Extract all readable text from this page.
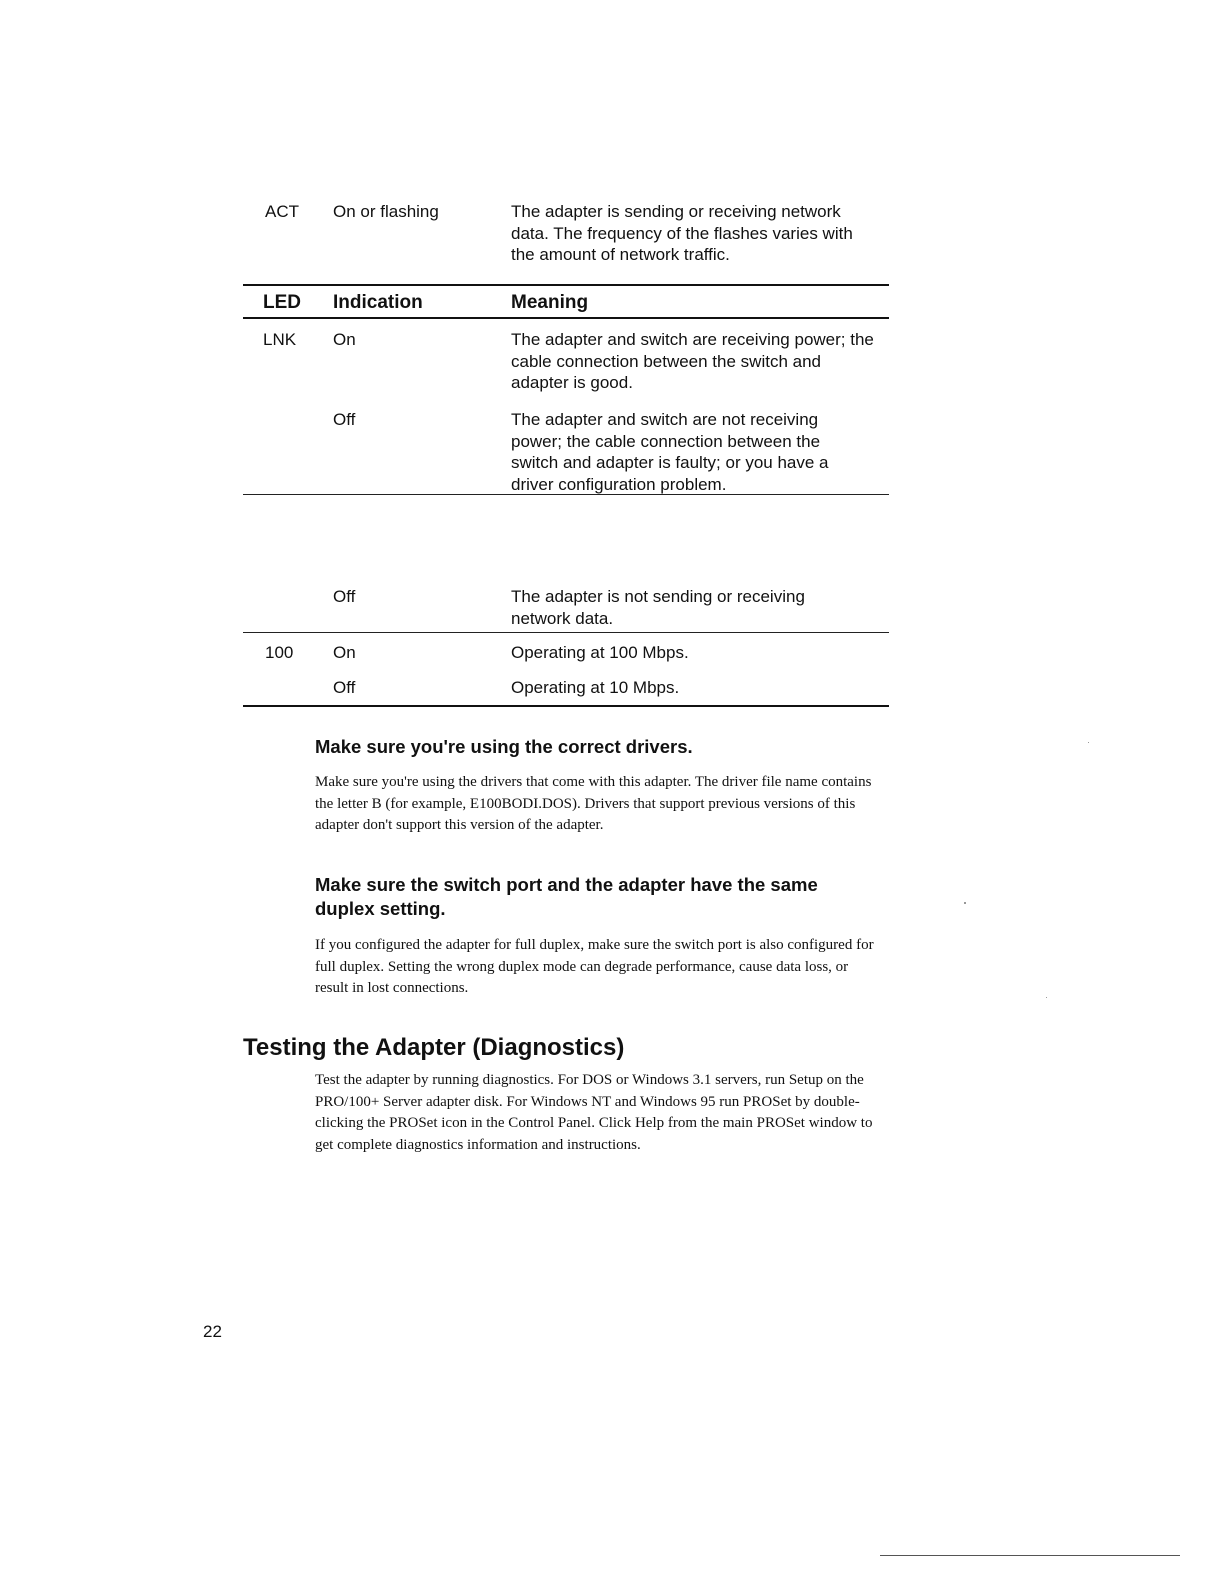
LED Indication	Meaning
LNK On	The adapter and switch are receiving power; the cable connection between the switch and adapter is good.
Off	The adapter and switch are not receiving power; the cable connection between the switch and adapter is faulty; or you have a driver configuration problem.
ACT On or flashing	The adapter is sending or receiving network data. The frequency of the flashes varies with the amount of network traffic.
Off	The adapter is not sending or receiving network data.
100 On	Operating at 100 Mbps.
Off	Operating at 10 Mbps.
Make sure you're using the correct drivers.
Make sure you're using the drivers that come with this adapter. The driver file name contains the letter B (for example, E100BODI.DOS). Drivers that support previous versions of this adapter don't support this version of the adapter.
Make sure the switch port and the adapter have the same duplex setting.
If you configured the adapter for full duplex, make sure the switch port is also configured for full duplex. Setting the wrong duplex mode can degrade performance, cause data loss, or result in lost connections.
Testing the Adapter (Diagnostics)
Test the adapter by running diagnostics. For DOS or Windows 3.1 servers, run Setup on the PRO/100+ Server adapter disk. For Windows NT and Windows 95 run PROSet by double-clicking the PROSet icon in the Control Panel. Click Help from the main PROSet window to get complete diagnostics information and instructions.
22
